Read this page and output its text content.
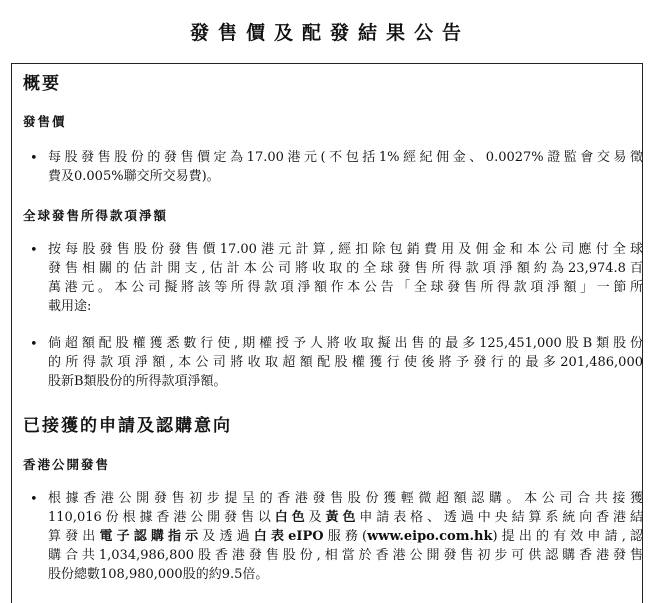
發售價及配發結果公告
概要
發售價
• 每股發售股份的發售價定為17.00港元(不包括1%經紀佣金、0.0027%證監會交易徵
費及0.005%聯交所交易費)。
全球發售所得款項淨額
• 按每股發售股份發售價17.00港元計算,經扣除包銷費用及佣金和本公司應付全球
發售相關的估計開支,估計本公司將收取的全球發售所得款項淨額約為23,974.8百
萬港元。本公司擬將該等所得款項淨額作本公告「全球發售所得款項淨額」一節所
載用途:
• 倘超額配股權獲悉數行使,期權授予人將收取擬出售的最多125,451,000股B類股份
的所得款項淨額,本公司將收取超額配股權獲行使後將予發行的最多201,486,000
股新B類股份的所得款項淨額。
已接獲的申請及認購意向
香港公開發售
• 根據香港公開發售初步提呈的香港發售股份獲輕微超額認購。本公司合共接獲
110,016份根據香港公開發售以白色及黃色申請表格、透過中央結算系統向香港結
算發出電子認購指示及透過白表eIPO服務(www.eipo.com.hk)提出的有效申請,認
購合共1,034,986,800股香港發售股份,相當於香港公開發售初步可供認購香港發售
股份總數108,980,000股的約9.5倍。
